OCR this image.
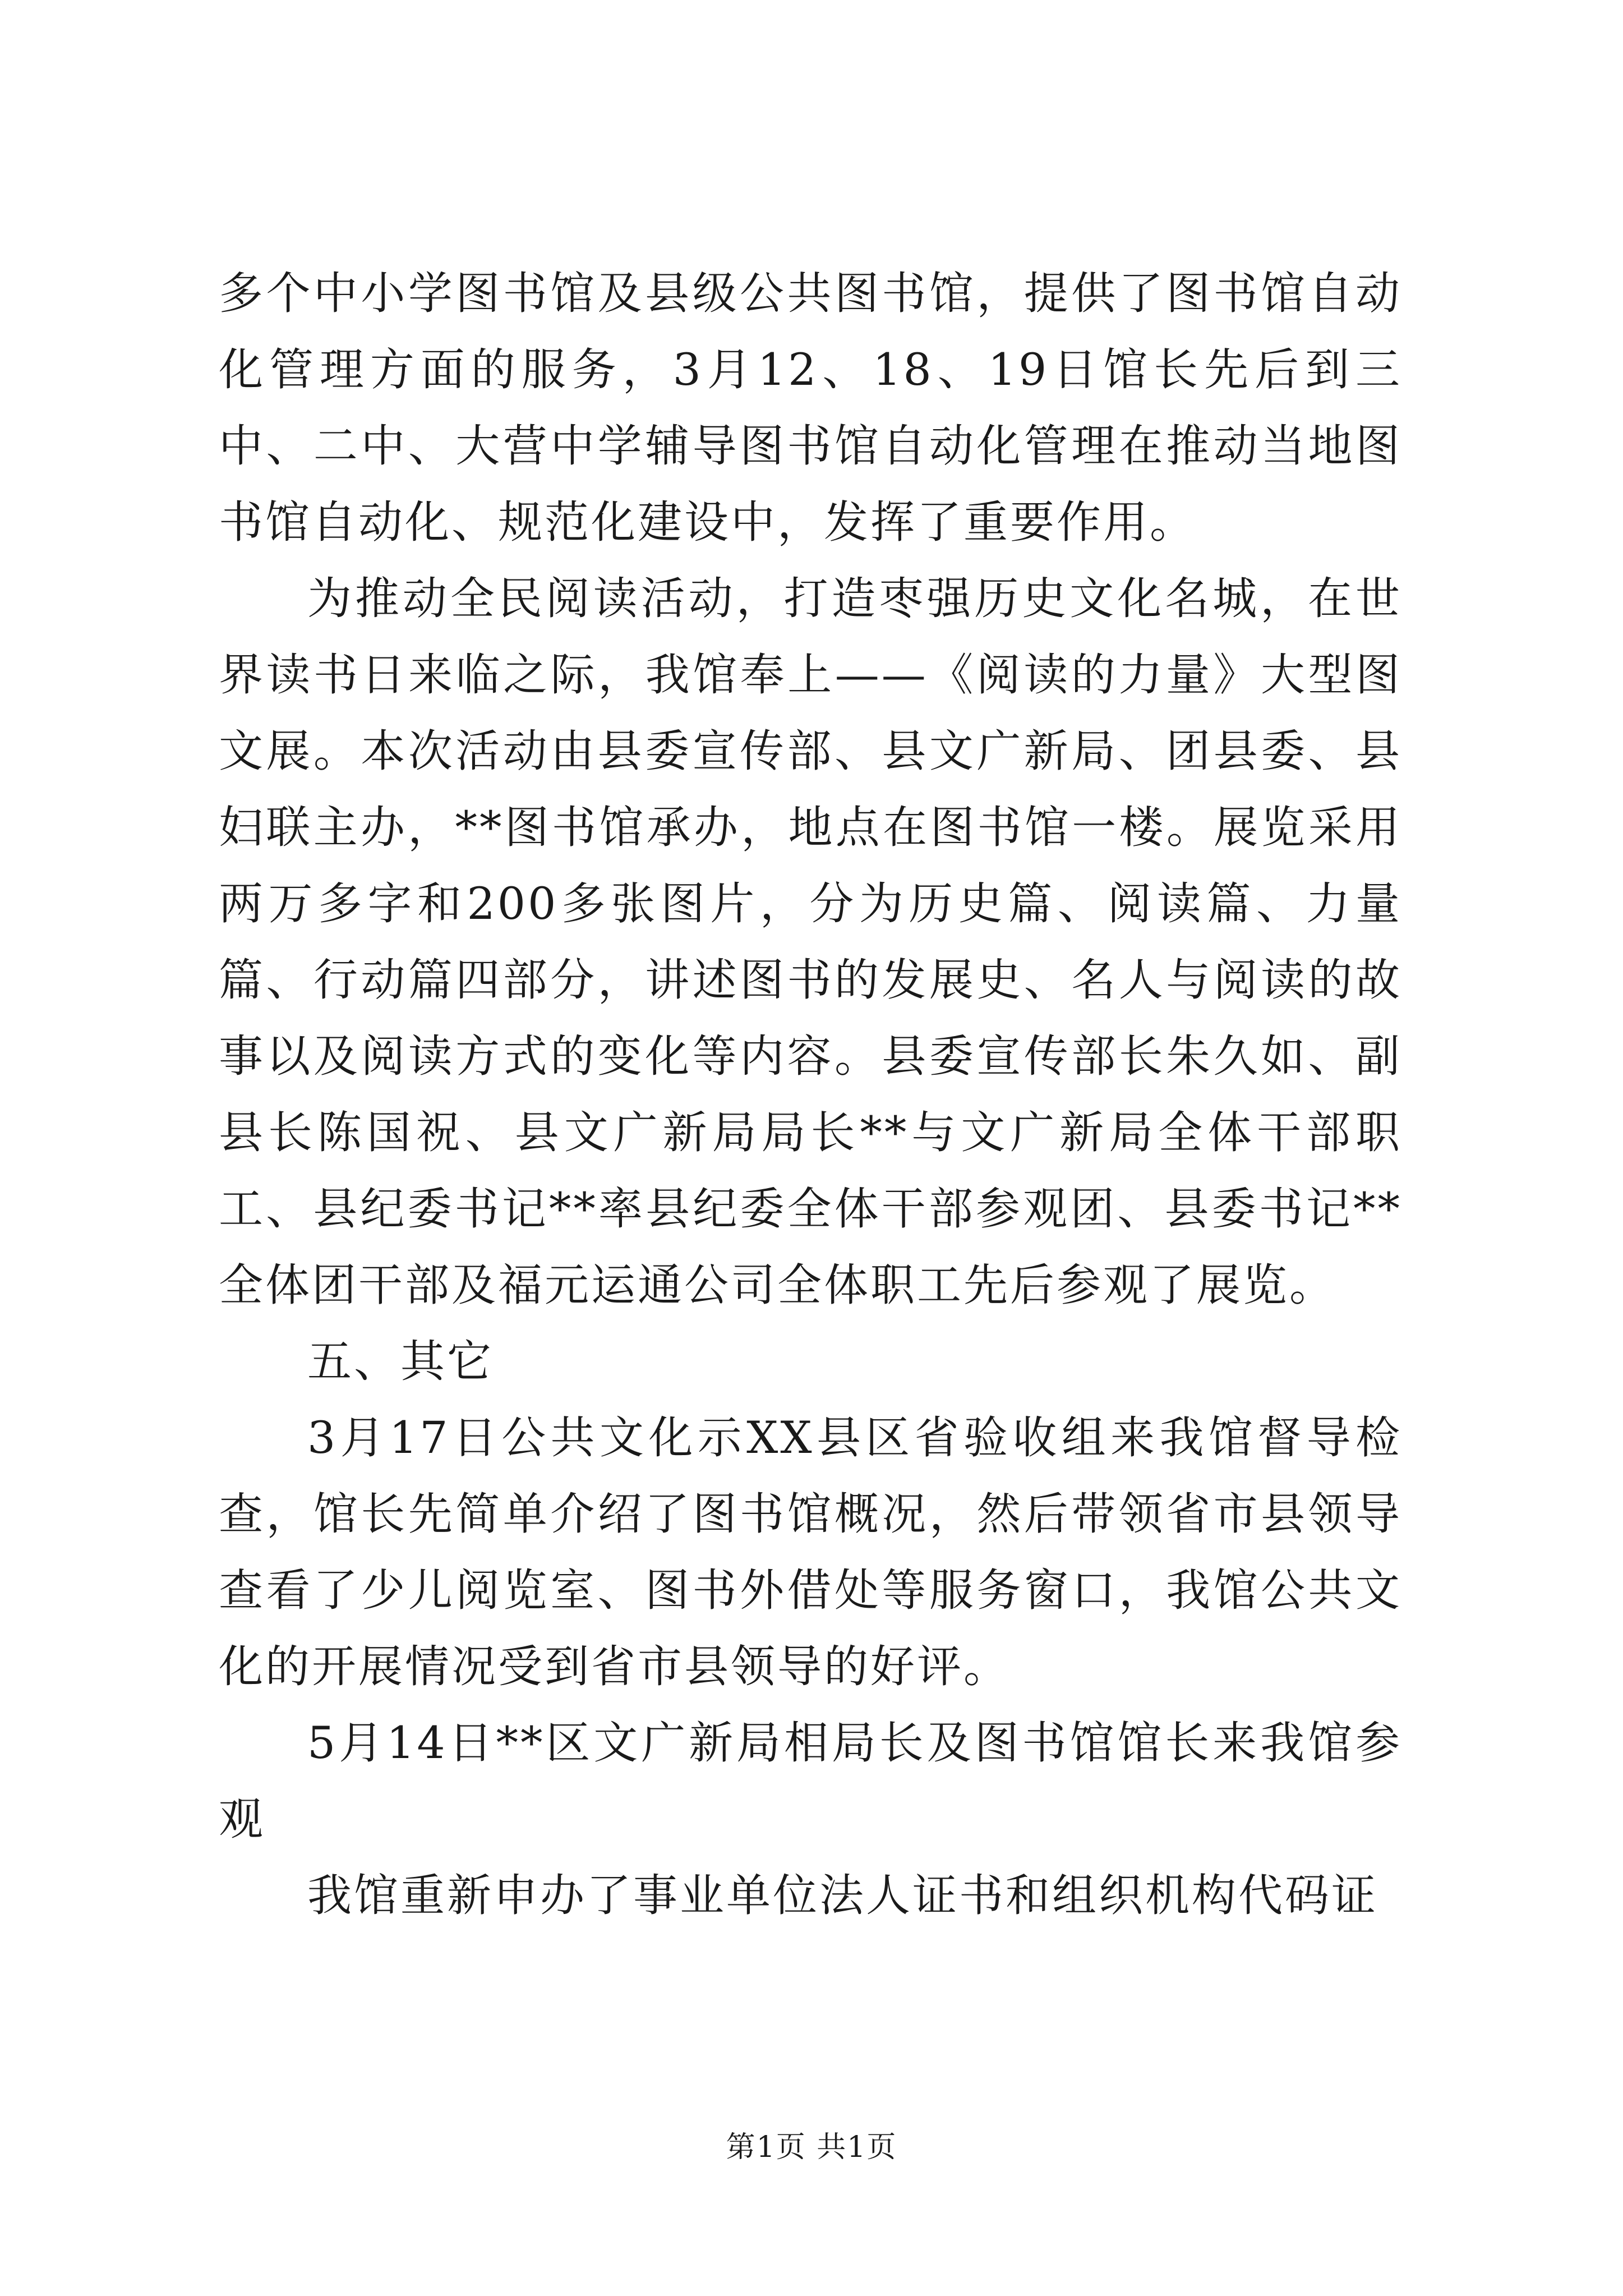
多个中小学图书馆及县级公共图书馆，提供了图书馆自动化管理方面的服务，3月12、18、19日馆长先后到三中、二中、大营中学辅导图书馆自动化管理在推动当地图书馆自动化、规范化建设中，发挥了重要作用。

为推动全民阅读活动，打造枣强历史文化名城，在世界读书日来临之际，我馆奉上——《阅读的力量》大型图文展。本次活动由县委宣传部、县文广新局、团县委、县妇联主办，**图书馆承办，地点在图书馆一楼。展览采用两万多字和200多张图片，分为历史篇、阅读篇、力量篇、行动篇四部分，讲述图书的发展史、名人与阅读的故事以及阅读方式的变化等内容。县委宣传部长朱久如、副县长陈国祝、县文广新局局长**与文广新局全体干部职工、县纪委书记**率县纪委全体干部参观团、县委书记**全体团干部及福元运通公司全体职工先后参观了展览。

五、其它

3月17日公共文化示XX县区省验收组来我馆督导检查，馆长先简单介绍了图书馆概况，然后带领省市县领导查看了少儿阅览室、图书外借处等服务窗口，我馆公共文化的开展情况受到省市县领导的好评。

5月14日**区文广新局相局长及图书馆馆长来我馆参观

我馆重新申办了事业单位法人证书和组织机构代码证

第1页 共1页
